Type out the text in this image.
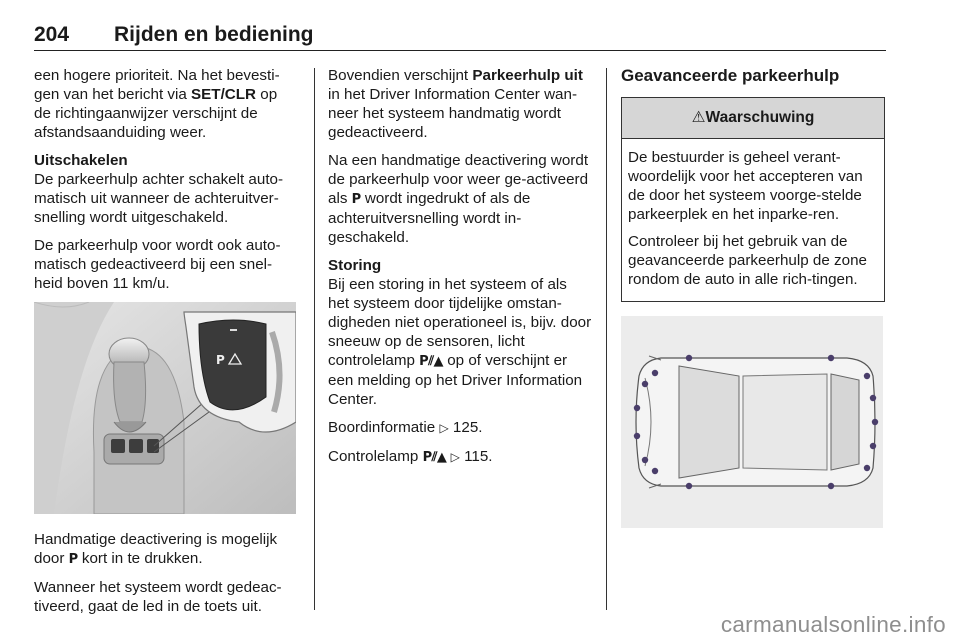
204 Rijden en bediening

een hogere prioriteit. Na het bevesti-gen van het bericht via SET/CLR op de richtingaanwijzer verschijnt de afstandsaanduiding weer.

Uitschakelen
De parkeerhulp achter schakelt auto-matisch uit wanneer de achteruitver-snelling wordt uitgeschakeld.

De parkeerhulp voor wordt ook auto-matisch gedeactiveerd bij een snel-heid boven 11 km/u.

P

Handmatige deactivering is mogelijk door P kort in te drukken.

Wanneer het systeem wordt gedeac-tiveerd, gaat de led in de toets uit.

Bovendien verschijnt Parkeerhulp uit in het Driver Information Center wan-neer het systeem handmatig wordt gedeactiveerd.

Na een handmatige deactivering wordt de parkeerhulp voor weer ge-activeerd als P wordt ingedrukt of als de achteruitversnelling wordt in-geschakeld.

Storing
Bij een storing in het systeem of als het systeem door tijdelijke omstan-digheden niet operationeel is, bijv. door sneeuw op de sensoren, licht controlelamp P⫽▲ op of verschijnt er een melding op het Driver Information Center.

Boordinformatie ▷ 125.

Controlelamp P⫽▲ ▷ 115.

Geavanceerde parkeerhulp
⚠Waarschuwing

De bestuurder is geheel verant-woordelijk voor het accepteren van de door het systeem voorge-stelde parkeerplek en het inparke-ren.

Controleer bij het gebruik van de geavanceerde parkeerhulp de zone rondom de auto in alle rich-tingen.

carmanualsonline.info
